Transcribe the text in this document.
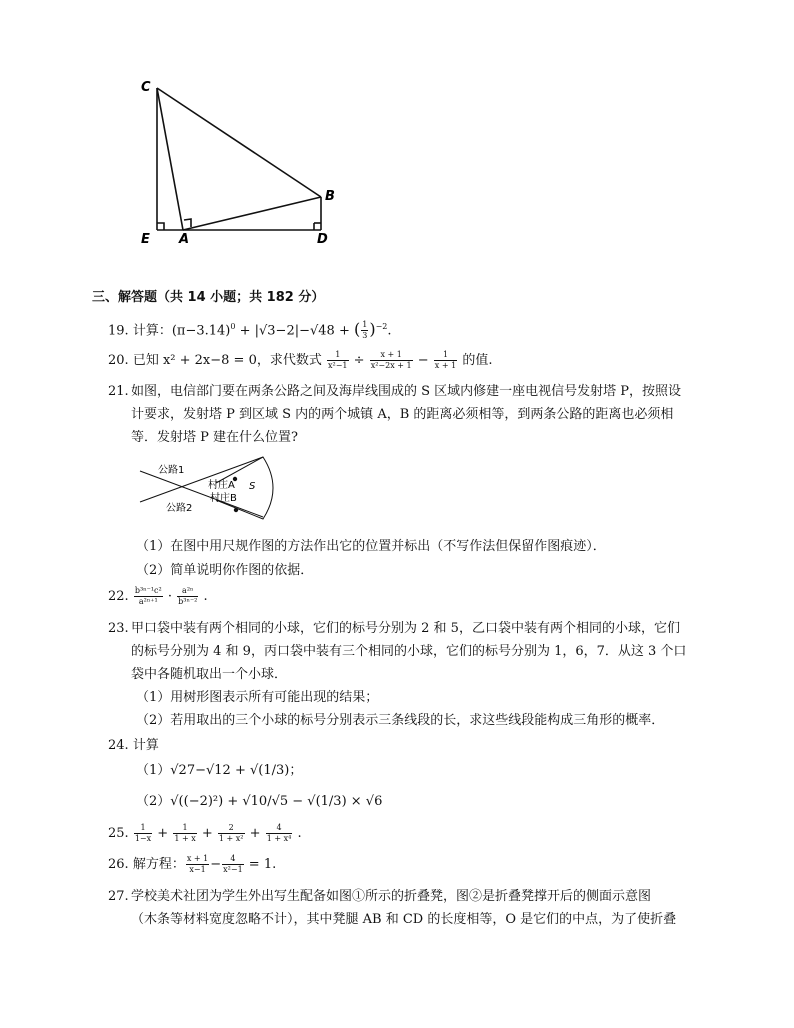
C
B
E A	D
三、解答题（共 14 小题；共 182 分）
19. 计算：$(\pi-3.14)^0 + |√3-2|-√48$ + ( $\frac{1}{3} )^{-2}$.
20. 已知 x² + 2x−8 = 0，求代数式 $\frac{1}{\text{x²−1}} \div \frac{x + 1}{\text{x²−2x + 1}} - \frac{1}{x + 1}$ 的值.
21. 如图，电信部门要在两条公路之间及海岸线围成的 S 区域内修建一座电视信号发射塔 P，按照设
计要求，发射塔 P 到区域 S 内的两个城镇 A，B 的距离必须相等，到两条公路的距离也必须相
等．发射塔 P 建在什么位置?
公路1
公路2
村庄A
村庄B
S
（1）在图中用尺规作图的方法作出它的位置并标出（不写作法但保留作图痕迹）．
（2）简单说明你作图的依据．
22. $\frac{\text{b³ⁿ⁻¹c²}}{\text{a²ⁿ⁺¹}} \cdot \frac{\text{a²ⁿ}}{\text{b³ⁿ⁻²}}$ .
23. 甲口袋中装有两个相同的小球，它们的标号分别为 2 和 5，乙口袋中装有两个相同的小球，它们
的标号分别为 4 和 9，丙口袋中装有三个相同的小球，它们的标号分别为 1，6，7．从这 3 个口
袋中各随机取出一个小球．
（1）用树形图表示所有可能出现的结果；
（2）若用取出的三个小球的标号分别表示三条线段的长，求这些线段能构成三角形的概率．
24. 计算
（1）√27−√12 + √(1/3)；
（2）√((−2)²) + √10/√5 − √(1/3) × √6
25. $\frac{1}{1-x} + \frac{1}{1 + x} + \frac{2}{\text{1 + x²}} + \frac{4}{\text{1 + x⁴}}$ .
26. 解方程： $\frac{x + 1}{x-1} - \frac{4}{\text{x²−1}} = 1$.
27. 学校美术社团为学生外出写生配备如图①所示的折叠凳，图②是折叠凳撑开后的侧面示意图
（木条等材料宽度忽略不计），其中凳腿 AB 和 CD 的长度相等，O 是它们的中点，为了使折叠
